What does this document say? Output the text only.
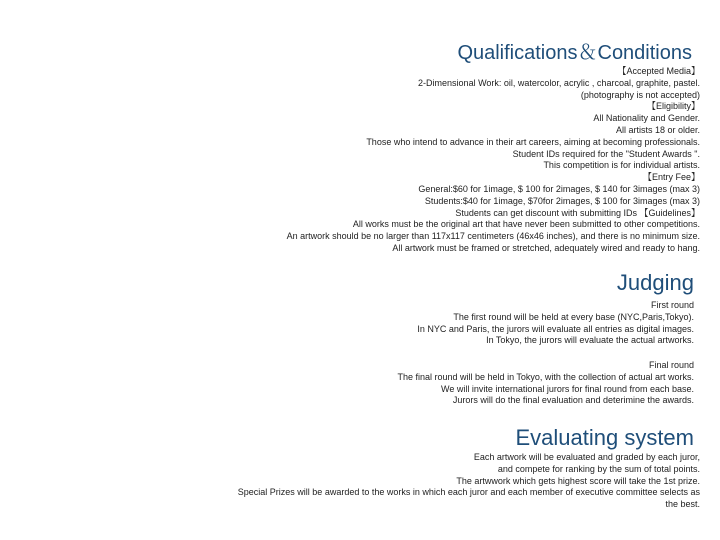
Qualifications＆Conditions
【Accepted Media】
2-Dimensional Work: oil, watercolor, acrylic , charcoal, graphite, pastel.
(photography is not accepted)
【Eligibility】
All Nationality and Gender.
All artists 18 or older.
Those who intend to advance in their art careers, aiming at becoming professionals.
Student IDs required for the "Student Awards ".
This competition is for individual artists.
【Entry Fee】
General:$60 for 1image, $ 100 for 2images, $ 140 for 3images (max 3)
Students:$40 for 1image, $70for 2images, $ 100 for 3images (max 3)
Students can get discount with submitting IDs 【Guidelines】
All works must be the original art that have never been submitted to other competitions.
An artwork should be no larger than 117x117 centimeters (46x46 inches), and there is no minimum size.
All artwork must be framed or stretched, adequately wired and ready to hang.
Judging
First round
The first round will be held at every base (NYC,Paris,Tokyo).
In NYC and Paris, the jurors will evaluate all entries as digital images.
In Tokyo, the jurors will evaluate the actual artworks.
Final round
The final round will be held in Tokyo, with the collection of actual art works.
We will invite international jurors for final round from each base.
Jurors will do the final evaluation and deterimine the awards.
Evaluating system
Each artwork will be evaluated and graded by each juror,
and compete for ranking by the sum of total points.
The artwwork which gets highest score will take the 1st prize.
Special Prizes will be awarded to the works in which each juror and each member of executive committee selects as
the best.
